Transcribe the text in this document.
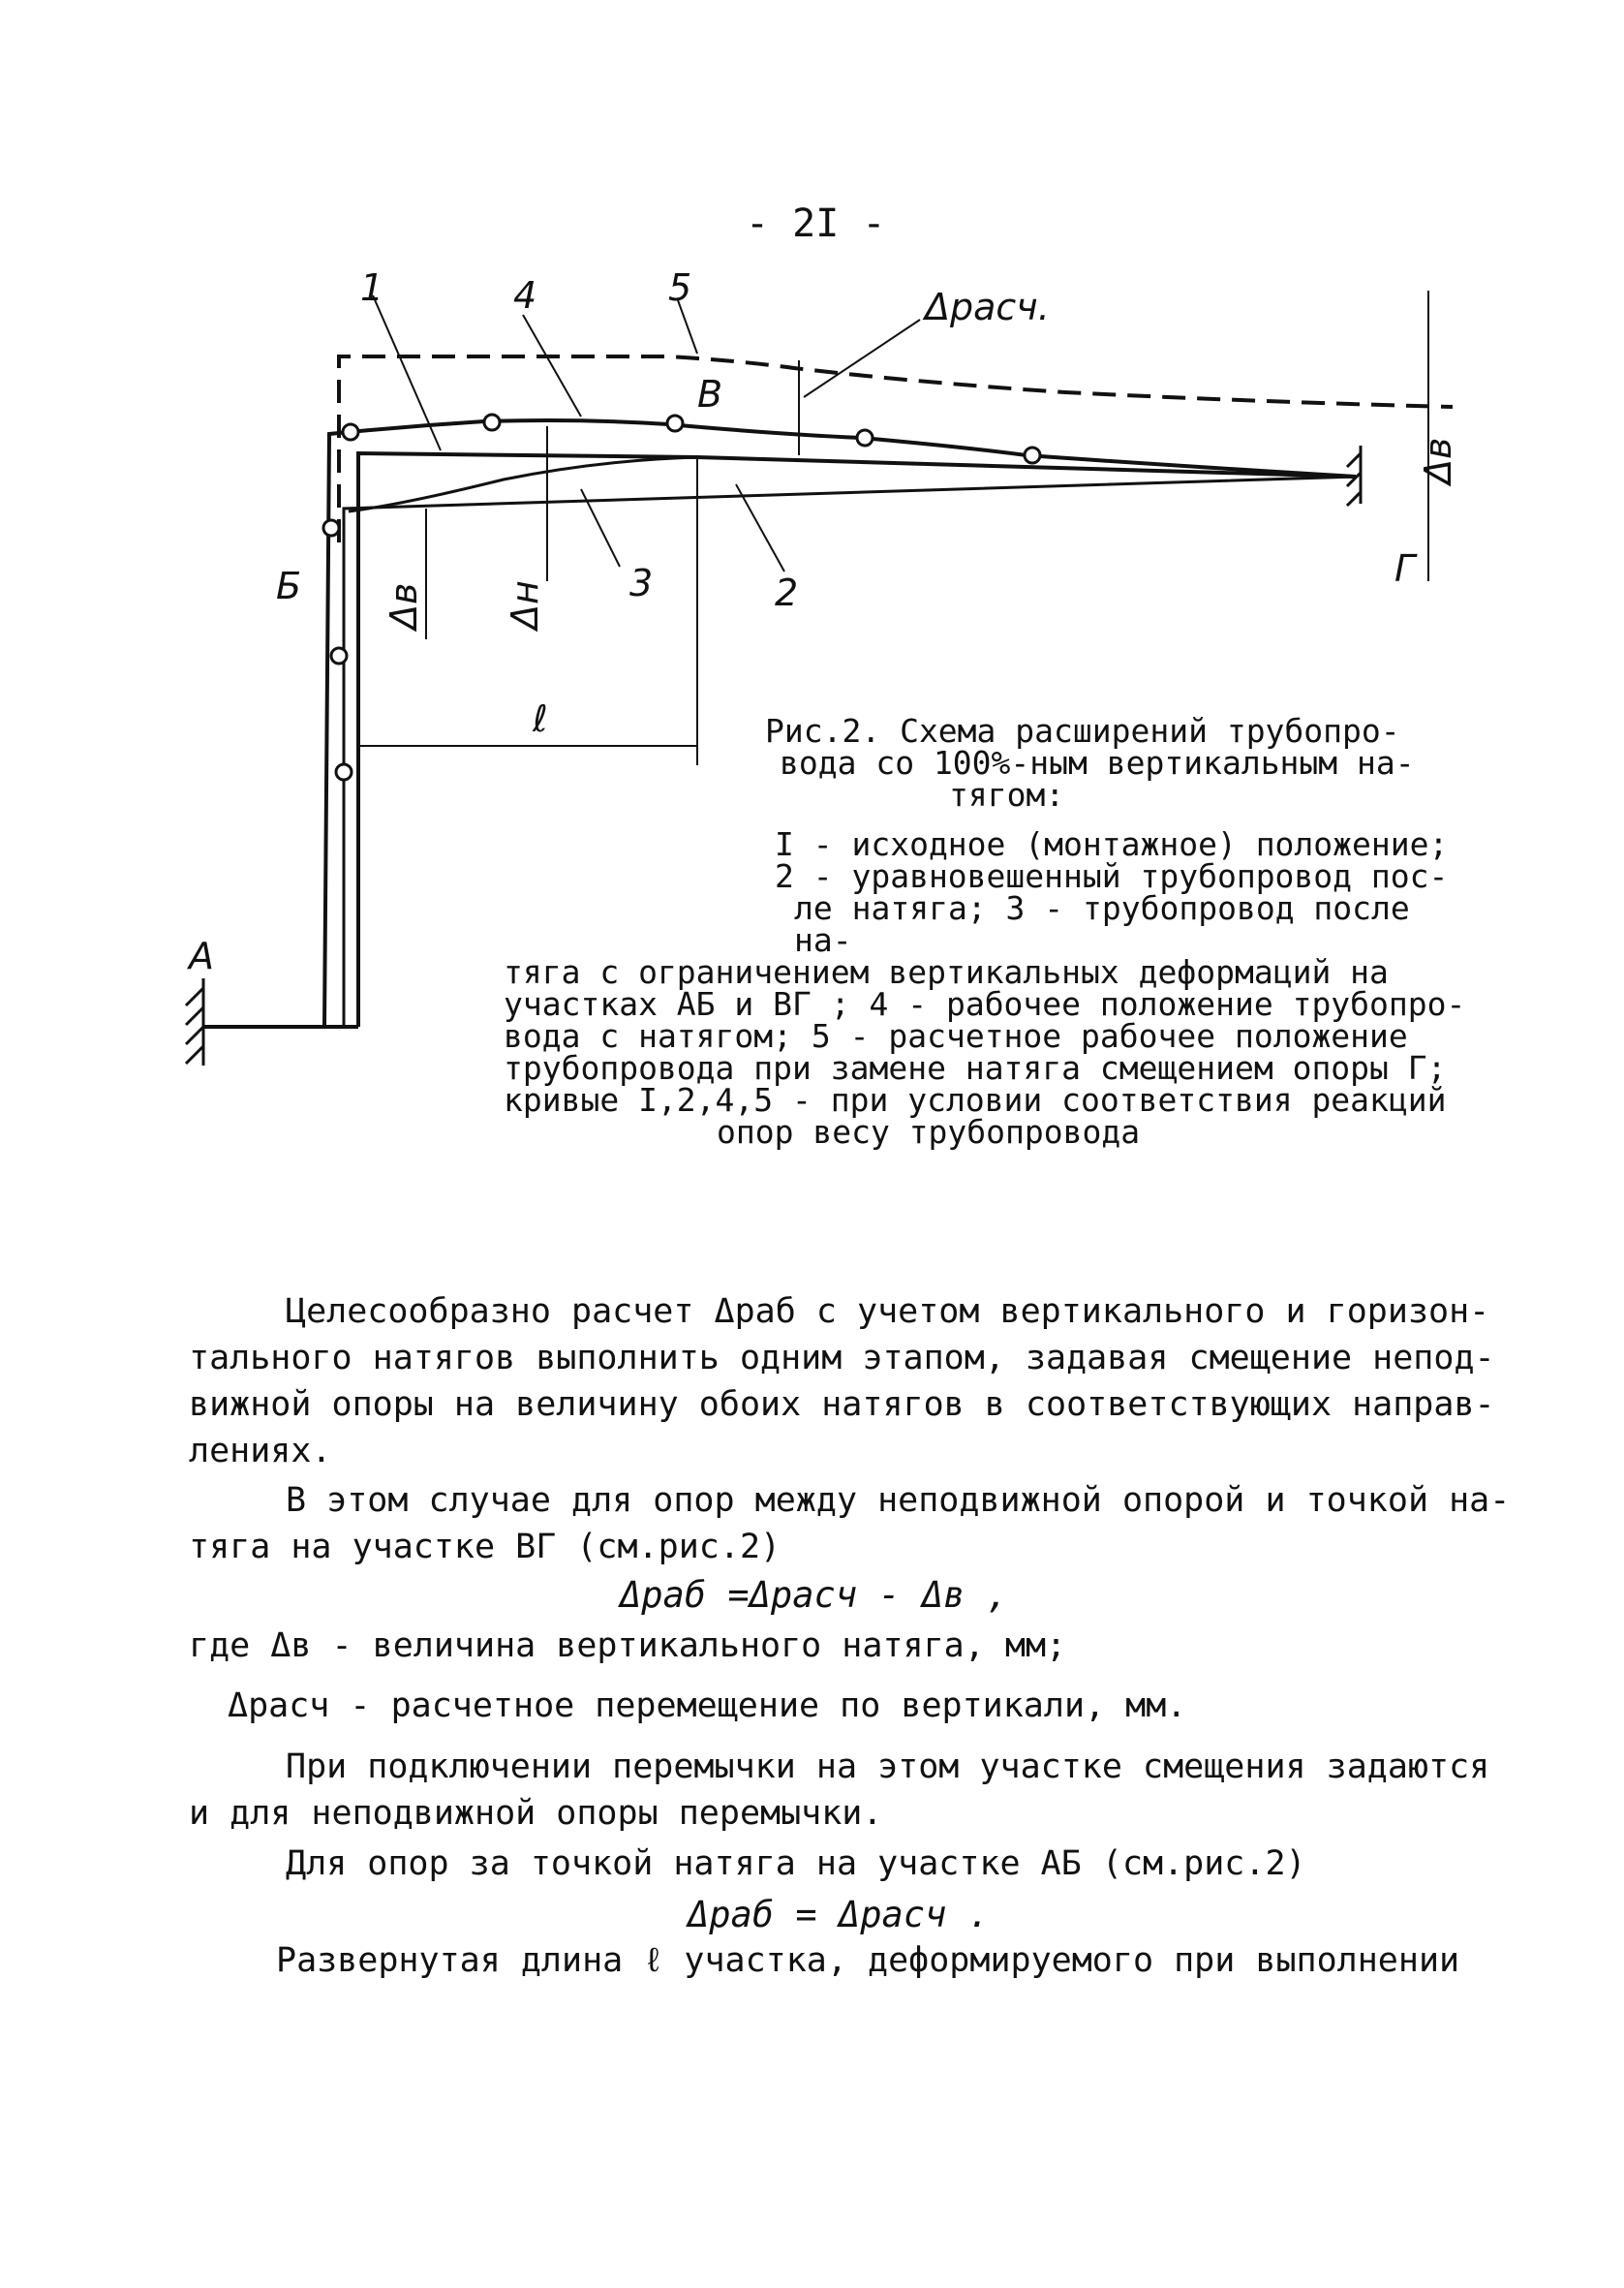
- 2I -
1	4	5	Δрасч.
В
Б
А
Г
3	2
Δн
Δв
Δв
ℓ	Рис.2. Схема расширений трубопро-
вода со 100%-ным вертикальным на-
тягом:
I - исходное (монтажное) положение;
2 - уравновешенный трубопровод пос-
ле натяга; 3 - трубопровод после на-
тяга с ограничением вертикальных деформаций на
участках АБ и ВГ ; 4 - рабочее положение трубопро-
вода с натягом; 5 - расчетное рабочее положение
трубопровода при замене натяга смещением опоры Г;
кривые I,2,4,5 - при условии соответствия реакций
опор весу трубопровода
Целесообразно расчет Δраб с учетом вертикального и горизон-
тального натягов выполнить одним этапом, задавая смещение непод-
вижной опоры на величину обоих натягов в соответствующих направ-
лениях.
В этом случае для опор между неподвижной опорой и точкой на-
тяга на участке ВГ (см.рис.2)
Δраб =Δрасч - Δв ,
где Δв - величина вертикального натяга, мм;
Δрасч - расчетное перемещение по вертикали, мм.
При подключении перемычки на этом участке смещения задаются
и для неподвижной опоры перемычки.
Для опор за точкой натяга на участке АБ (см.рис.2)
Δраб = Δрасч .
Развернутая длина ℓ участка, деформируемого при выполнении
